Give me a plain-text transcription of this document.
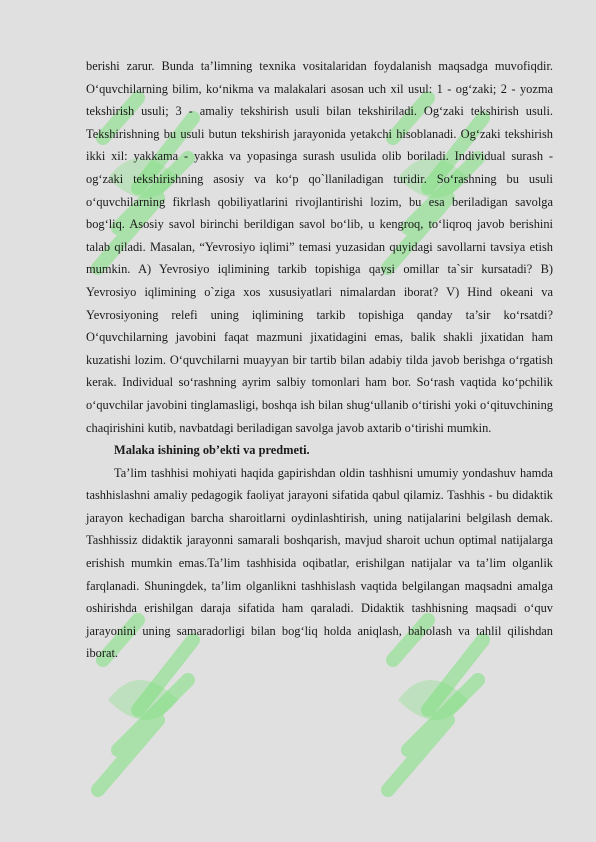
berishi zarur. Bunda ta’limning texnika vositalaridan foydalanish maqsadga muvofiqdir. O‘quvchilarning bilim, ko‘nikma va malakalari asosan uch xil usul: 1 - og‘zaki; 2 - yozma tekshirish usuli; 3 - amaliy tekshirish usuli bilan tekshiriladi. Og‘zaki tekshirish usuli. Tekshirishning bu usuli butun tekshirish jarayonida yetakchi hisoblanadi. Og‘zaki tekshirish ikki xil: yakkama - yakka va yopasinga surash usulida olib boriladi. Individual surash - og‘zaki tekshirishning asosiy va ko‘p qo`llaniladigan turidir. So‘rashning bu usuli o‘quvchilarning fikrlash qobiliyatlarini rivojlantirishi lozim, bu esa beriladigan savolga bog‘liq. Asosiy savol birinchi berildigan savol bo‘lib, u kengroq, to‘liqroq javob berishini talab qiladi. Masalan, “Yevrosiyo iqlimi” temasi yuzasidan quyidagi savollarni tavsiya etish mumkin. A) Yevrosiyo iqlimining tarkib topishiga qaysi omillar ta`sir kursatadi? B) Yevrosiyo iqlimining o`ziga xos xususiyatlari nimalardan iborat? V) Hind okeani va Yevrosiyoning relefi uning iqlimining tarkib topishiga qanday ta’sir ko‘rsatdi? O‘quvchilarning javobini faqat mazmuni jixatidagini emas, balik shakli jixatidan ham kuzatishi lozim. O‘quvchilarni muayyan bir tartib bilan adabiy tilda javob berishga o‘rgatish kerak. Individual so‘rashning ayrim salbiy tomonlari ham bor. So‘rash vaqtida ko‘pchilik o‘quvchilar javobini tinglamasligi, boshqa ish bilan shug‘ullanib o‘tirishi yoki o‘qituvchining chaqirishini kutib, navbatdagi beriladigan savolga javob axtarib o‘tirishi mumkin.

Malaka ishining ob’ekti va predmeti.

Ta’lim tashhisi mohiyati haqida gapirishdan oldin tashhisni umumiy yondashuv hamda tashhislashni amaliy pedagogik faoliyat jarayoni sifatida qabul qilamiz. Tashhis - bu didaktik jarayon kechadigan barcha sharoitlarni oydinlashtirish, uning natijalarini belgilash demak. Tashhissiz didaktik jarayonni samarali boshqarish, mavjud sharoit uchun optimal natijalarga erishish mumkin emas.Ta’lim tashhisida oqibatlar, erishilgan natijalar va ta’lim olganlik farqlanadi. Shuningdek, ta’lim olganlikni tashhislash vaqtida belgilangan maqsadni amalga oshirishda erishilgan daraja sifatida ham qaraladi. Didaktik tashhisning maqsadi o‘quv jarayonini uning samaradorligi bilan bog‘liq holda aniqlash, baholash va tahlil qilishdan iborat.
